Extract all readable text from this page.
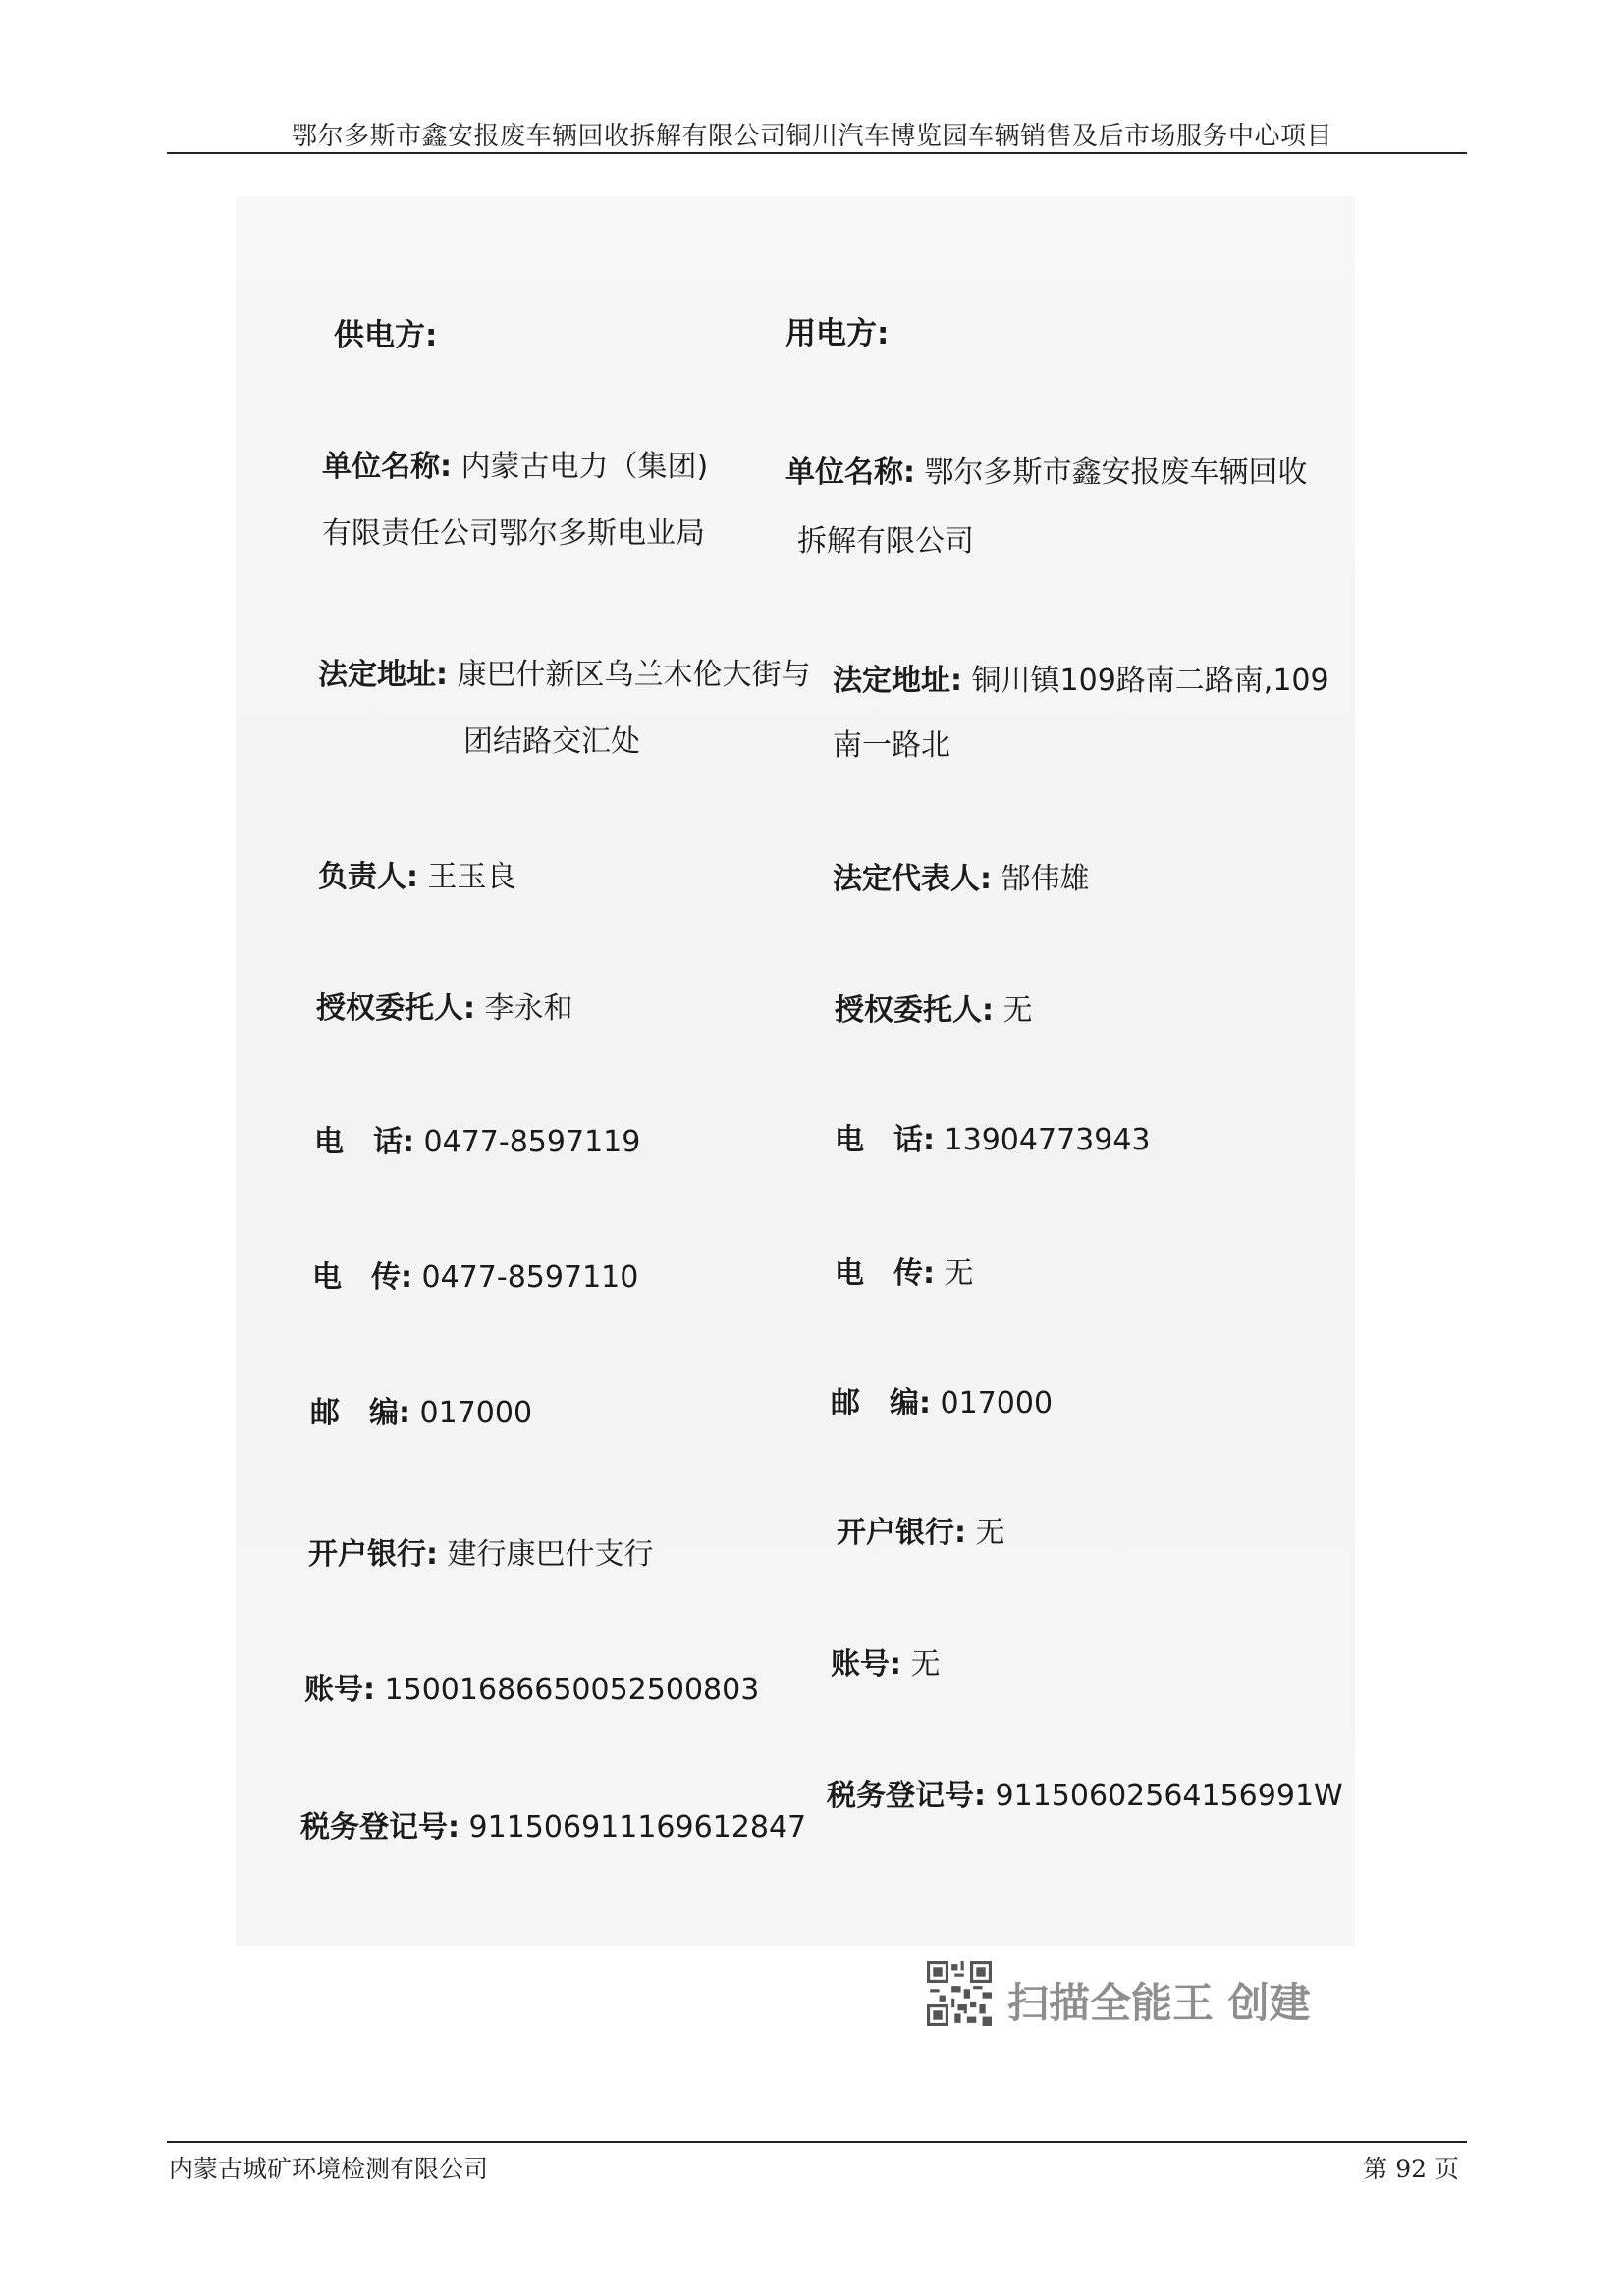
鄂尔多斯市鑫安报废车辆回收拆解有限公司铜川汽车博览园车辆销售及后市场服务中心项目
供电方:
单位名称: 内蒙古电力（集团)
有限责任公司鄂尔多斯电业局
法定地址: 康巴什新区乌兰木伦大街与
团结路交汇处
负责人: 王玉良
授权委托人: 李永和
电　话: 0477-8597119
电　传: 0477-8597110
邮　编: 017000
开户银行: 建行康巴什支行
账号: 15001686650052500803
税务登记号: 911506911169612847
用电方:
单位名称: 鄂尔多斯市鑫安报废车辆回收
拆解有限公司
法定地址: 铜川镇109路南二路南,109
南一路北
法定代表人: 郜伟雄
授权委托人: 无
电　话: 13904773943
电　传: 无
邮　编: 017000
开户银行: 无
账号: 无
税务登记号: 91150602564156991W
扫描全能王 创建
内蒙古城矿环境检测有限公司	第 92 页
